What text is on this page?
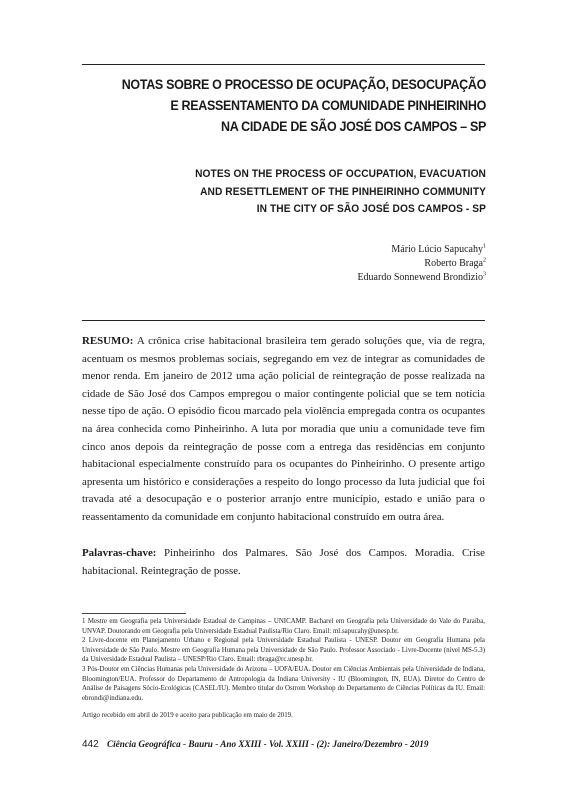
NOTAS SOBRE O PROCESSO DE OCUPAÇÃO, DESOCUPAÇÃO
E REASSENTAMENTO DA COMUNIDADE PINHEIRINHO
NA CIDADE DE SÃO JOSÉ DOS CAMPOS – SP
NOTES ON THE PROCESS OF OCCUPATION, EVACUATION
AND RESETTLEMENT OF THE PINHEIRINHO COMMUNITY
IN THE CITY OF SÃO JOSÉ DOS CAMPOS - SP
Mário Lúcio Sapucahy$^1$
Roberto Braga$^2$
Eduardo Sonnewend Brondizio$^3$
RESUMO: A crônica crise habitacional brasileira tem gerado soluções que, via de regra, acentuam os mesmos problemas sociais, segregando em vez de integrar as comunidades de menor renda. Em janeiro de 2012 uma ação policial de reintegração de posse realizada na cidade de São José dos Campos empregou o maior contingente policial que se tem notícia nesse tipo de ação. O episódio ficou marcado pela violência empregada contra os ocupantes na área conhecida como Pinheirinho. A luta por moradia que uniu a comunidade teve fim cinco anos depois da reintegração de posse com a entrega das residências em conjunto habitacional especialmente construído para os ocupantes do Pinheirinho. O presente artigo apresenta um histórico e considerações a respeito do longo processo da luta judicial que foi travada até a desocupação e o posterior arranjo entre município, estado e união para o reassentamento da comunidade em conjunto habitacional construído em outra área.
Palavras-chave: Pinheirinho dos Palmares. São José dos Campos. Moradia. Crise habitacional. Reintegração de posse.

1 Mestre em Geografia pela Universidade Estadual de Campinas – UNICAMP. Bacharel em Geografia pela Universidade do Vale do Paraíba, UNVAP. Doutorando em Geografia pela Universidade Estadual Paulista/Rio Claro. Email: ml.sapucahy@unesp.br.

2 Livre-docente em Planejamento Urbano e Regional pela Universidade Estadual Paulista - UNESP. Doutor em Geografia Humana pela Universidade de São Paulo. Mestre em Geografia Humana pela Universidade de São Paulo. Professor Associado - Livre-Docente (nível MS-5.3) da Universidade Estadual Paulista – UNESP/Rio Claro. Email: rbraga@rc.unesp.br.

3 Pós-Doutor em Ciências Humanas pela Universidade do Arizona – UOFA/EUA. Doutor em Ciências Ambientais pela Universidade de Indiana, Bloomington/EUA. Professor do Departamento de Antropologia da Indiana University - IU (Bloomington, IN, EUA). Diretor do Centro de Análise de Paisagens Sócio-Ecológicas (CASEL/IU). Membro titular do Ostrom Workshop do Departamento de Ciências Políticas da IU. Email: ebrondi@indiana.edu.

Artigo recebido em abril de 2019 e aceito para publicação em maio de 2019.
442 Ciência Geográfica - Bauru - Ano XXIII - Vol. XXIII - (2): Janeiro/Dezembro - 2019
